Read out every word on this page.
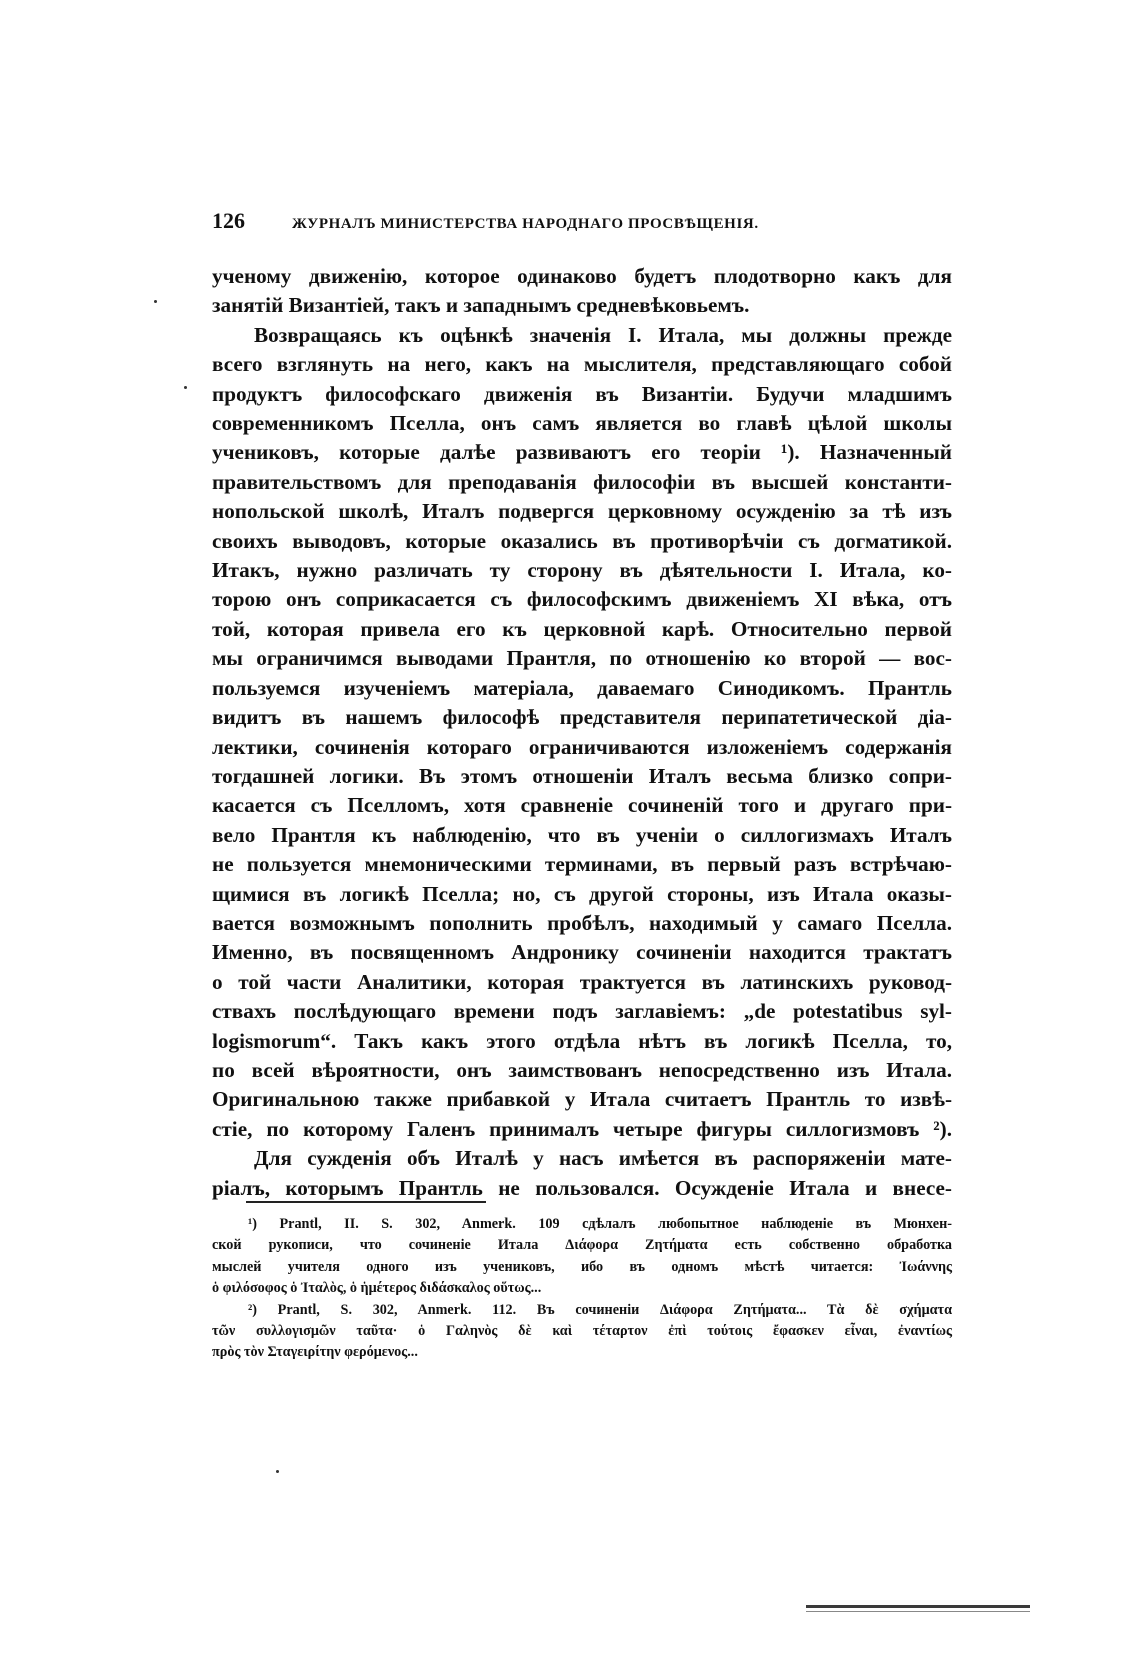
126	ЖУРНАЛЪ МИНИСТЕРСТВА НАРОДНАГО ПРОСВѢЩЕНІЯ.
ученому движенію, которое одинаково будетъ плодотворно какъ для
занятій Византіей, такъ и западнымъ средневѣковьемъ.
Возвращаясь къ оцѣнкѣ значенія І. Итала, мы должны прежде
всего взглянуть на него, какъ на мыслителя, представляющаго собой
продуктъ философскаго движенія въ Византіи. Будучи младшимъ
современникомъ Пселла, онъ самъ является во главѣ цѣлой школы
учениковъ, которые далѣе развиваютъ его теоріи ¹). Назначенный
правительствомъ для преподаванія философіи въ высшей константи-
нопольской школѣ, Италъ подвергся церковному осужденію за тѣ изъ
своихъ выводовъ, которые оказались въ противорѣчіи съ догматикой.
Итакъ, нужно различать ту сторону въ дѣятельности І. Итала, ко-
торою онъ соприкасается съ философскимъ движеніемъ XI вѣка, отъ
той, которая привела его къ церковной карѣ. Относительно первой
мы ограничимся выводами Прантля, по отношенію ко второй — вос-
пользуемся изученіемъ матеріала, даваемаго Синодикомъ. Прантль
видитъ въ нашемъ философѣ представителя перипатетической діа-
лектики, сочиненія котораго ограничиваются изложеніемъ содержанія
тогдашней логики. Въ этомъ отношеніи Италъ весьма близко сопри-
касается съ Пселломъ, хотя сравненіе сочиненій того и другаго при-
вело Прантля къ наблюденію, что въ ученіи о силлогизмахъ Италъ
не пользуется мнемоническими терминами, въ первый разъ встрѣчаю-
щимися въ логикѣ Пселла; но, съ другой стороны, изъ Итала оказы-
вается возможнымъ пополнить пробѣлъ, находимый у самаго Пселла.
Именно, въ посвященномъ Андронику сочиненіи находится трактатъ
о той части Аналитики, которая трактуется въ латинскихъ руковод-
ствахъ послѣдующаго времени подъ заглавіемъ: „de potestatibus syl-
logismorum“. Такъ какъ этого отдѣла нѣтъ въ логикѣ Пселла, то,
по всей вѣроятности, онъ заимствованъ непосредственно изъ Итала.
Оригинальною также прибавкой у Итала считаетъ Прантль то извѣ-
стіе, по которому Галенъ принималъ четыре фигуры силлогизмовъ ²).
Для сужденія объ Италѣ у насъ имѣется въ распоряженіи мате-
ріалъ, которымъ Прантль не пользовался. Осужденіе Итала и внесе-
¹) Prantl, II. S. 302, Anmerk. 109 сдѣлалъ любопытное наблюденіе въ Мюнхен-
ской рукописи, что сочиненіе Итала Διάφορα Ζητήματα есть собственно обработка
мыслей учителя одного изъ учениковъ, ибо въ одномъ мѣстѣ читается: Ἰωάννης
ὁ φιλόσοφος ὁ Ἰταλὸς, ὁ ἡμέτερος διδάσκαλος οὕτως...
²) Prantl, S. 302, Anmerk. 112. Въ сочиненіи Διάφορα Ζητήματα... Τὰ δὲ σχήματα
τῶν συλλογισμῶν ταῦτα· ὁ Γαληνὸς δὲ καὶ τέταρτον ἐπὶ τούτοις ἔφασκεν εἶναι, ἐναντίως
πρὸς τὸν Σταγειρίτην φερόμενος...
